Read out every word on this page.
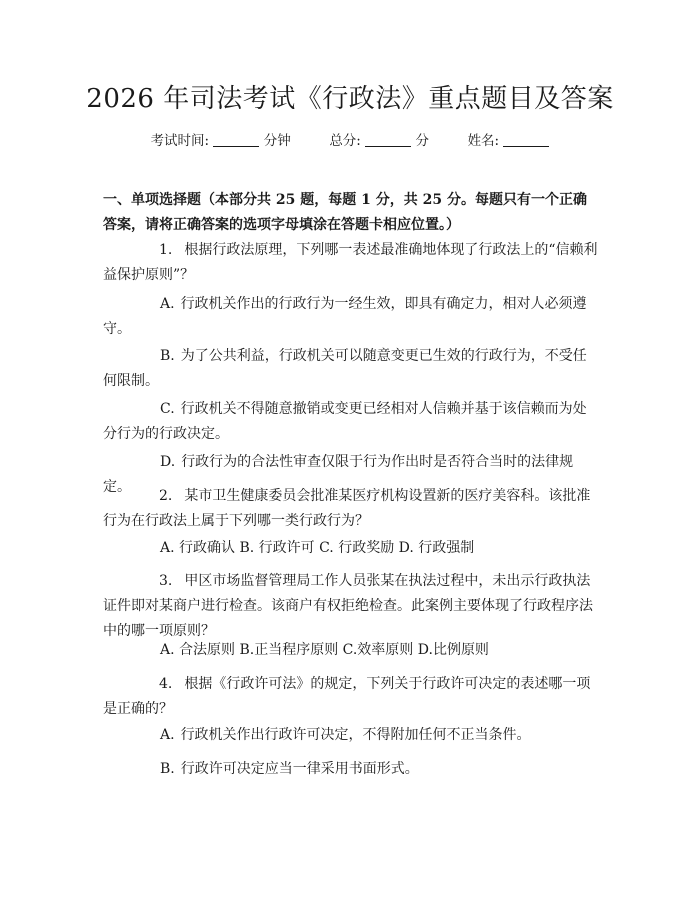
2026 年司法考试《行政法》重点题目及答案
考试时间:	分钟	总分:	分	姓名:
一、单项选择题（本部分共 25 题，每题 1 分，共 25 分。每题只有一个正确答案，请将正确答案的选项字母填涂在答题卡相应位置。）
1. 根据行政法原理，下列哪一表述最准确地体现了行政法上的“信赖利益保护原则”？
A. 行政机关作出的行政行为一经生效，即具有确定力，相对人必须遵守。
B. 为了公共利益，行政机关可以随意变更已生效的行政行为，不受任何限制。
C. 行政机关不得随意撤销或变更已经相对人信赖并基于该信赖而为处分行为的行政决定。
D. 行政行为的合法性审查仅限于行为作出时是否符合当时的法律规定。
2. 某市卫生健康委员会批准某医疗机构设置新的医疗美容科。该批准行为在行政法上属于下列哪一类行政行为？
A. 行政确认 B. 行政许可 C. 行政奖励 D. 行政强制
3. 甲区市场监督管理局工作人员张某在执法过程中，未出示行政执法证件即对某商户进行检查。该商户有权拒绝检查。此案例主要体现了行政程序法中的哪一项原则？
A. 合法原则 B.正当程序原则 C.效率原则 D.比例原则
4. 根据《行政许可法》的规定，下列关于行政许可决定的表述哪一项是正确的？
A. 行政机关作出行政许可决定，不得附加任何不正当条件。
B. 行政许可决定应当一律采用书面形式。
